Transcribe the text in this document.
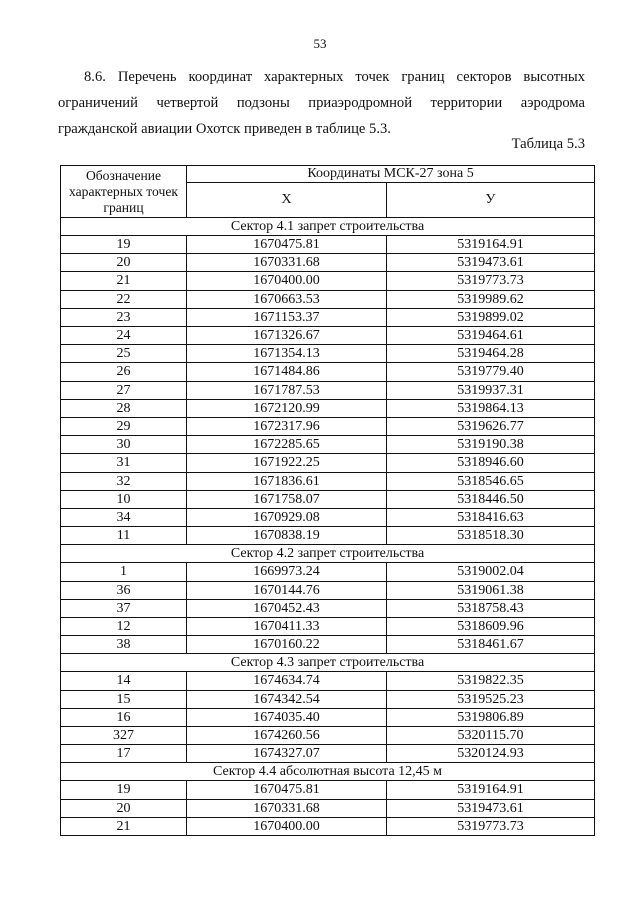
53
8.6. Перечень координат характерных точек границ секторов высотных ограничений четвертой подзоны приаэродромной территории аэродрома гражданской авиации Охотск приведен в таблице 5.3.
Таблица 5.3
Обозначение характерных точек границ	Координаты МСК-27 зона 5	
	X	У
Сектор 4.1 запрет строительства		
19	1670475.81	5319164.91
20	1670331.68	5319473.61
21	1670400.00	5319773.73
22	1670663.53	5319989.62
23	1671153.37	5319899.02
24	1671326.67	5319464.61
25	1671354.13	5319464.28
26	1671484.86	5319779.40
27	1671787.53	5319937.31
28	1672120.99	5319864.13
29	1672317.96	5319626.77
30	1672285.65	5319190.38
31	1671922.25	5318946.60
32	1671836.61	5318546.65
10	1671758.07	5318446.50
34	1670929.08	5318416.63
11	1670838.19	5318518.30
Сектор 4.2 запрет строительства		
1	1669973.24	5319002.04
36	1670144.76	5319061.38
37	1670452.43	5318758.43
12	1670411.33	5318609.96
38	1670160.22	5318461.67
Сектор 4.3 запрет строительства		
14	1674634.74	5319822.35
15	1674342.54	5319525.23
16	1674035.40	5319806.89
327	1674260.56	5320115.70
17	1674327.07	5320124.93
Сектор 4.4 абсолютная высота 12,45 м		
19	1670475.81	5319164.91
20	1670331.68	5319473.61
21	1670400.00	5319773.73
